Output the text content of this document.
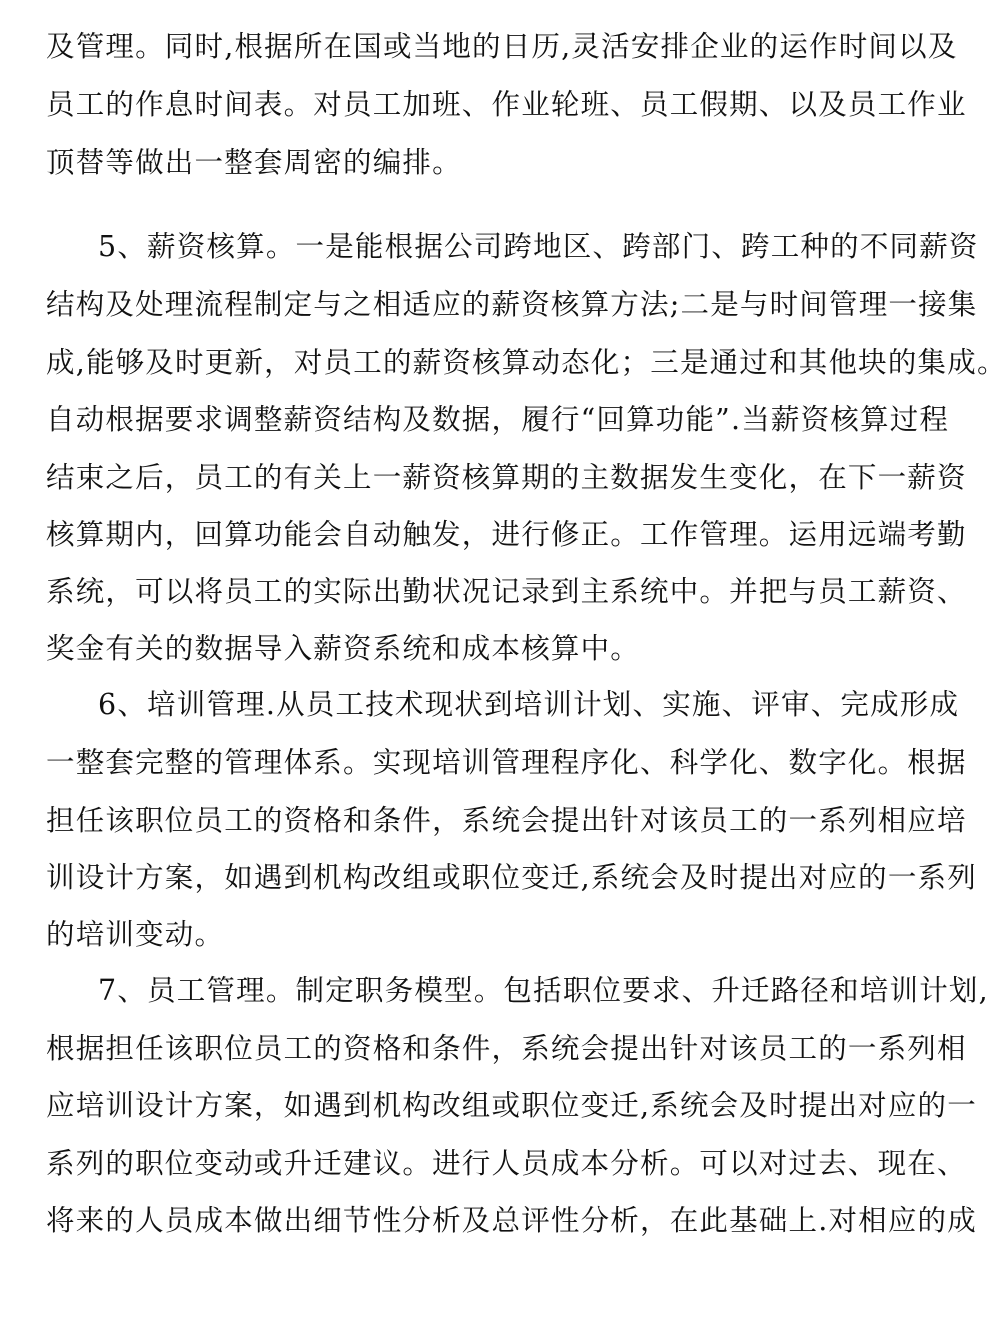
及管理。同时,根据所在国或当地的日历,灵活安排企业的运作时间以及
员工的作息时间表。对员工加班、作业轮班、员工假期、以及员工作业
顶替等做出一整套周密的编排。
5、薪资核算。一是能根据公司跨地区、跨部门、跨工种的不同薪资
结构及处理流程制定与之相适应的薪资核算方法;二是与时间管理一接集
成,能够及时更新，对员工的薪资核算动态化；三是通过和其他块的集成。
自动根据要求调整薪资结构及数据，履行“回算功能”.当薪资核算过程
结束之后，员工的有关上一薪资核算期的主数据发生变化，在下一薪资
核算期内，回算功能会自动触发，进行修正。工作管理。运用远端考勤
系统，可以将员工的实际出勤状况记录到主系统中。并把与员工薪资、
奖金有关的数据导入薪资系统和成本核算中。
6、培训管理.从员工技术现状到培训计划、实施、评审、完成形成
一整套完整的管理体系。实现培训管理程序化、科学化、数字化。根据
担任该职位员工的资格和条件，系统会提出针对该员工的一系列相应培
训设计方案，如遇到机构改组或职位变迁,系统会及时提出对应的一系列
的培训变动。
7、员工管理。制定职务模型。包括职位要求、升迁路径和培训计划,
根据担任该职位员工的资格和条件，系统会提出针对该员工的一系列相
应培训设计方案，如遇到机构改组或职位变迁,系统会及时提出对应的一
系列的职位变动或升迁建议。进行人员成本分析。可以对过去、现在、
将来的人员成本做出细节性分析及总评性分析，在此基础上.对相应的成
